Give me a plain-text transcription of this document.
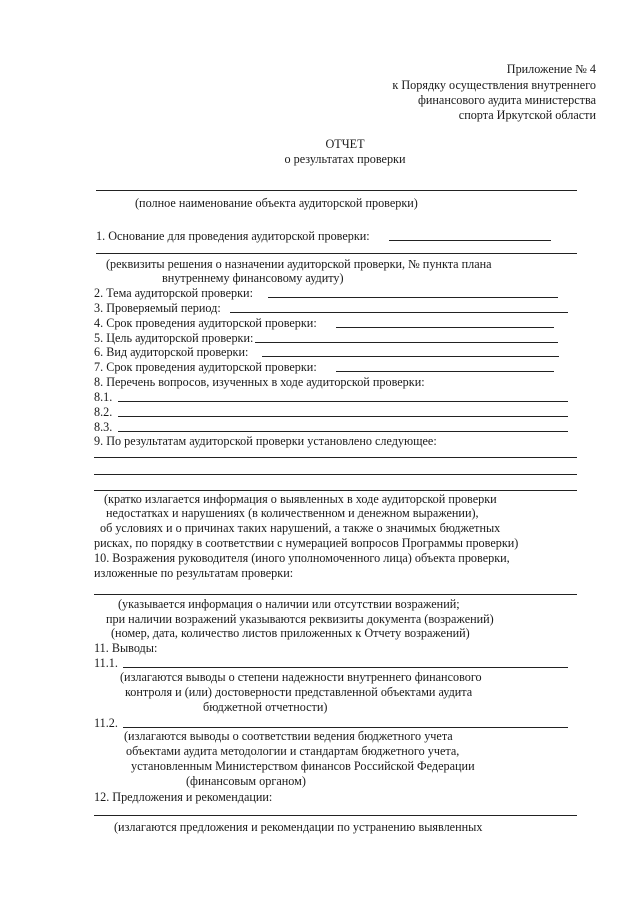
Приложение № 4
к Порядку осуществления внутреннего
финансового аудита министерства
спорта Иркутской области
ОТЧЕТ
о результатах проверки
(полное наименование объекта аудиторской проверки)
1. Основание для проведения аудиторской проверки:
(реквизиты решения о назначении аудиторской проверки, № пункта плана
внутреннему финансовому аудиту)
2. Тема аудиторской проверки:
3. Проверяемый период:
4. Срок проведения аудиторской проверки:
5. Цель аудиторской проверки:
6. Вид аудиторской проверки:
7. Срок проведения аудиторской проверки:
8. Перечень вопросов, изученных в ходе аудиторской проверки:
8.1.
8.2.
8.3.
9. По результатам аудиторской проверки установлено следующее:
(кратко излагается информация о выявленных в ходе аудиторской проверки
недостатках и нарушениях (в количественном и денежном выражении),
об условиях и о причинах таких нарушений, а также о значимых бюджетных
рисках, по порядку в соответствии с нумерацией вопросов Программы проверки)
10. Возражения руководителя (иного уполномоченного лица) объекта проверки,
изложенные по результатам проверки:
(указывается информация о наличии или отсутствии возражений;
при наличии возражений указываются реквизиты документа (возражений)
(номер, дата, количество листов приложенных к Отчету возражений)
11. Выводы:
11.1.
(излагаются выводы о степени надежности внутреннего финансового
контроля и (или) достоверности представленной объектами аудита
бюджетной отчетности)
11.2.
(излагаются выводы о соответствии ведения бюджетного учета
объектами аудита методологии и стандартам бюджетного учета,
установленным Министерством финансов Российской Федерации
(финансовым органом)
12. Предложения и рекомендации:
(излагаются предложения и рекомендации по устранению выявленных
